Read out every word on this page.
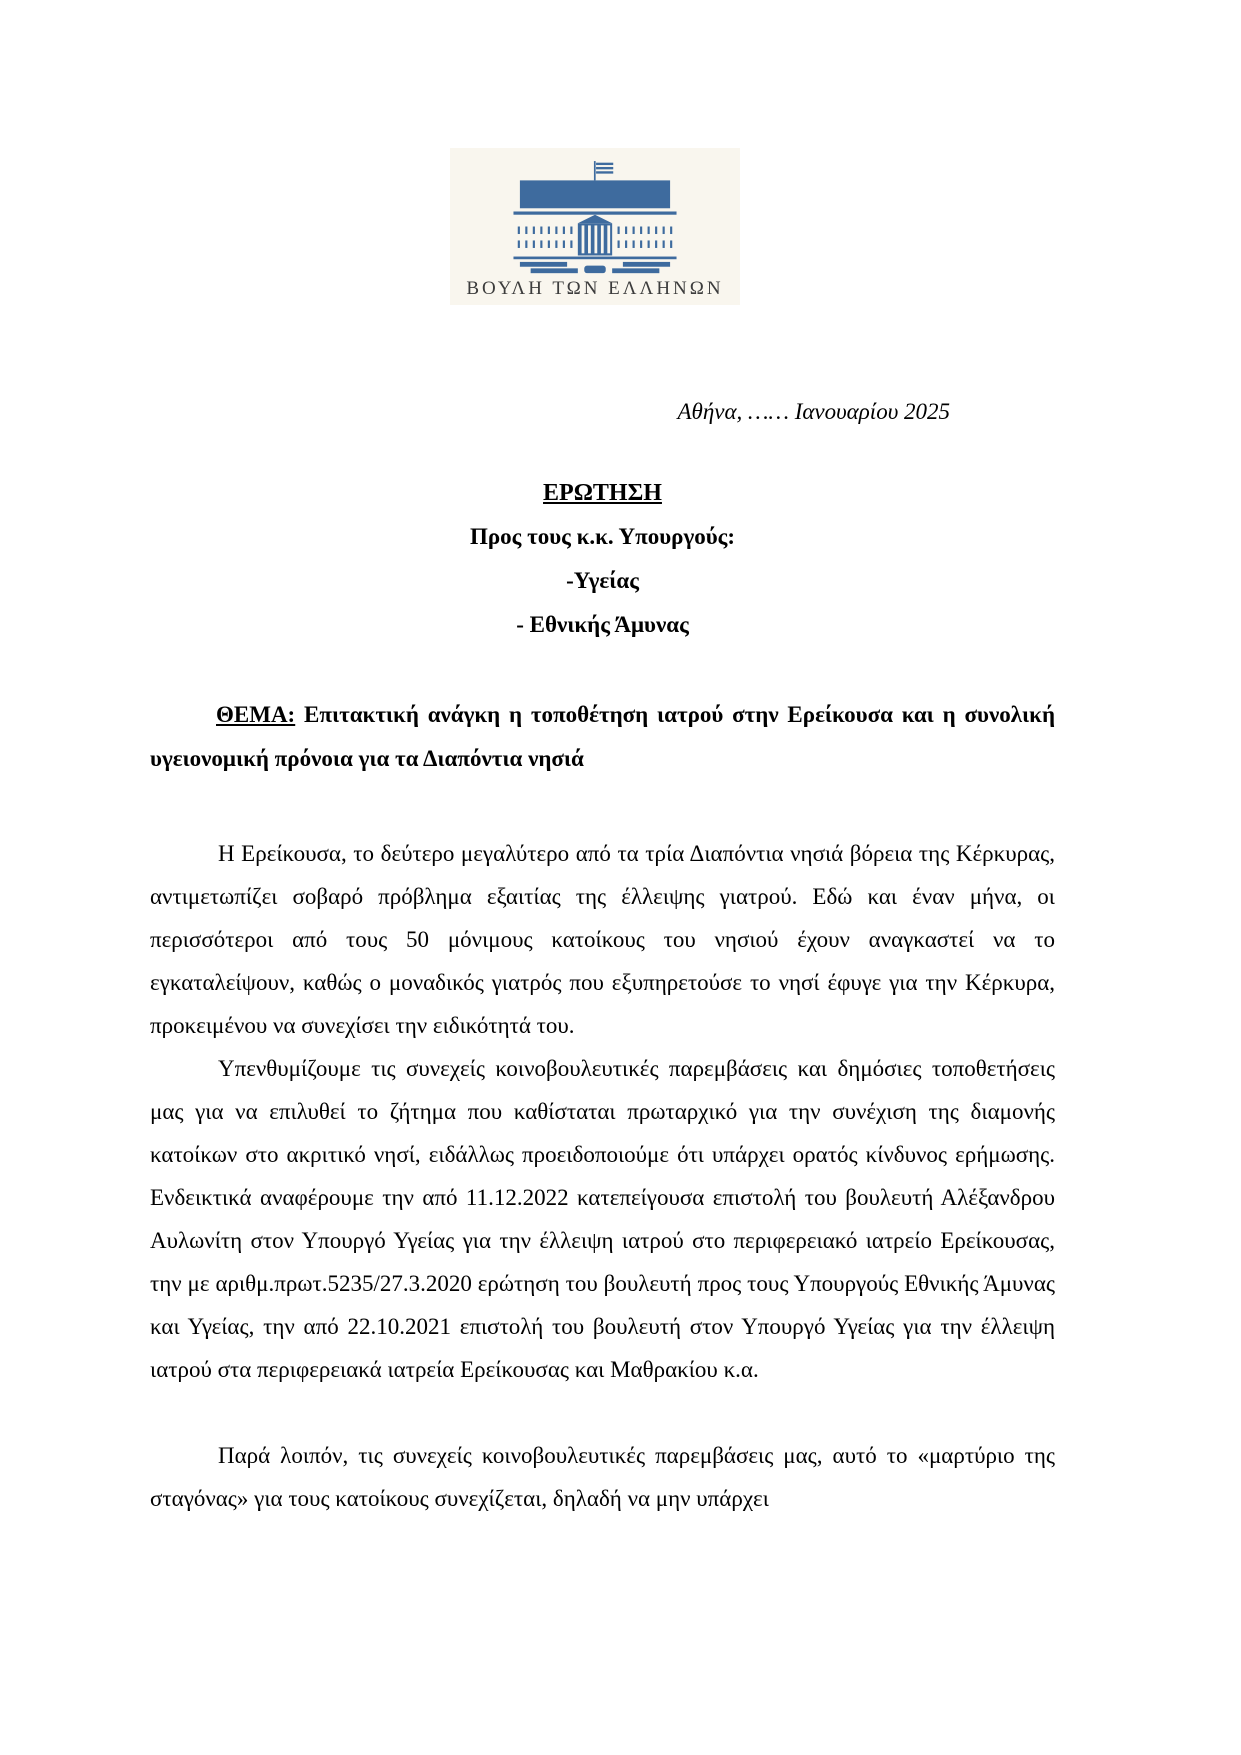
ΒΟΥΛΗ ΤΩΝ ΕΛΛΗΝΩΝ
Αθήνα, …… Ιανουαρίου 2025
ΕΡΩΤΗΣΗ
Προς τους κ.κ. Υπουργούς:
-Υγείας
- Εθνικής Άμυνας

ΘΕΜΑ: Επιτακτική ανάγκη η τοποθέτηση ιατρού στην Ερείκουσα και η συνολική υγειονομική πρόνοια για τα Διαπόντια νησιά

Η Ερείκουσα, το δεύτερο μεγαλύτερο από τα τρία Διαπόντια νησιά βόρεια της Κέρκυρας, αντιμετωπίζει σοβαρό πρόβλημα εξαιτίας της έλλειψης γιατρού. Εδώ και έναν μήνα, οι περισσότεροι από τους 50 μόνιμους κατοίκους του νησιού έχουν αναγκαστεί να το εγκαταλείψουν, καθώς ο μοναδικός γιατρός που εξυπηρετούσε το νησί έφυγε για την Κέρκυρα, προκειμένου να συνεχίσει την ειδικότητά του.

Υπενθυμίζουμε τις συνεχείς κοινοβουλευτικές παρεμβάσεις και δημόσιες τοποθετήσεις μας για να επιλυθεί το ζήτημα που καθίσταται πρωταρχικό για την συνέχιση της διαμονής κατοίκων στο ακριτικό νησί, ειδάλλως προειδοποιούμε ότι υπάρχει ορατός κίνδυνος ερήμωσης. Ενδεικτικά αναφέρουμε την από 11.12.2022 κατεπείγουσα επιστολή του βουλευτή Αλέξανδρου Αυλωνίτη στον Υπουργό Υγείας για την έλλειψη ιατρού στο περιφερειακό ιατρείο Ερείκουσας, την με αριθμ.πρωτ.5235/27.3.2020 ερώτηση του βουλευτή προς τους Υπουργούς Εθνικής Άμυνας και Υγείας, την από 22.10.2021 επιστολή του βουλευτή στον Υπουργό Υγείας για την έλλειψη ιατρού στα περιφερειακά ιατρεία Ερείκουσας και Μαθρακίου κ.α.

Παρά λοιπόν, τις συνεχείς κοινοβουλευτικές παρεμβάσεις μας, αυτό το «μαρτύριο της σταγόνας» για τους κατοίκους συνεχίζεται, δηλαδή να μην υπάρχει
